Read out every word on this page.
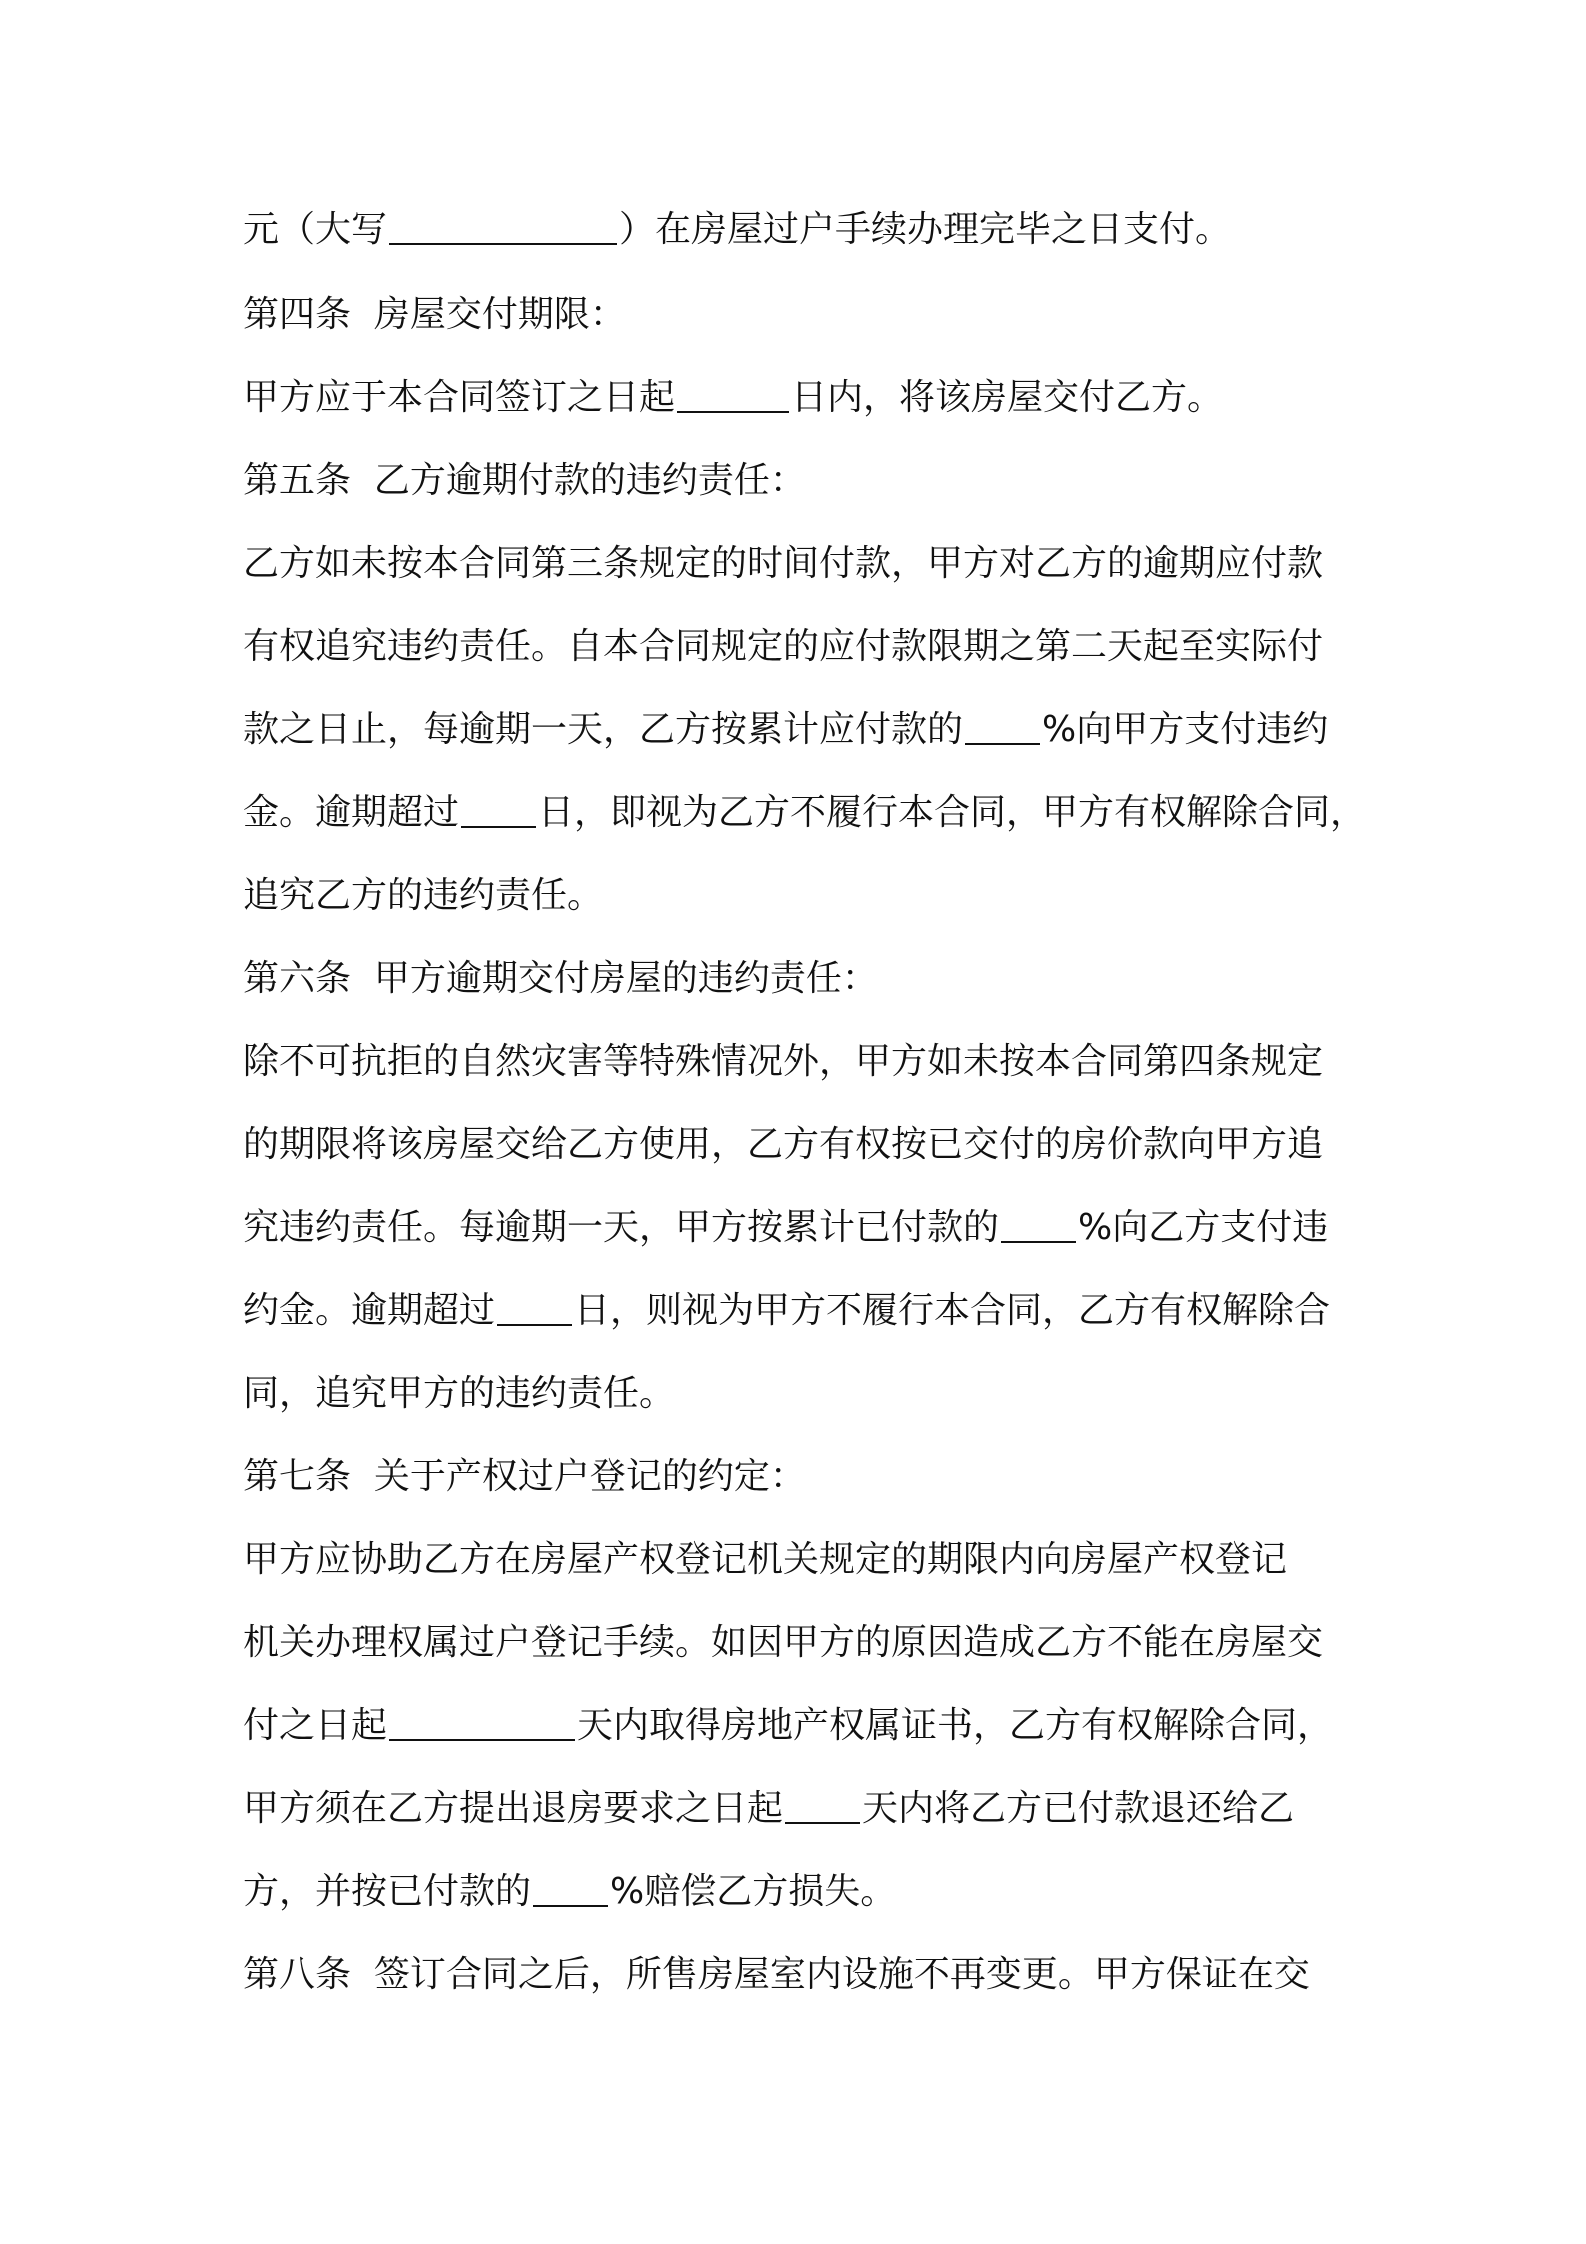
元（大写	）在房屋过户手续办理完毕之日支付。
第四条  房屋交付期限：
甲方应于本合同签订之日起	日内，将该房屋交付乙方。
第五条  乙方逾期付款的违约责任：
乙方如未按本合同第三条规定的时间付款，甲方对乙方的逾期应付款
有权追究违约责任。自本合同规定的应付款限期之第二天起至实际付
款之日止，每逾期一天，乙方按累计应付款的 %向甲方支付违约
金。逾期超过 日，即视为乙方不履行本合同，甲方有权解除合同，
追究乙方的违约责任。
第六条  甲方逾期交付房屋的违约责任：
除不可抗拒的自然灾害等特殊情况外，甲方如未按本合同第四条规定
的期限将该房屋交给乙方使用，乙方有权按已交付的房价款向甲方追
究违约责任。每逾期一天，甲方按累计已付款的 %向乙方支付违
约金。逾期超过 日，则视为甲方不履行本合同，乙方有权解除合
同，追究甲方的违约责任。
第七条  关于产权过户登记的约定：
甲方应协助乙方在房屋产权登记机关规定的期限内向房屋产权登记
机关办理权属过户登记手续。如因甲方的原因造成乙方不能在房屋交
付之日起	天内取得房地产权属证书，乙方有权解除合同，
甲方须在乙方提出退房要求之日起 天内将乙方已付款退还给乙
方，并按已付款的 %赔偿乙方损失。
第八条  签订合同之后，所售房屋室内设施不再变更。甲方保证在交
